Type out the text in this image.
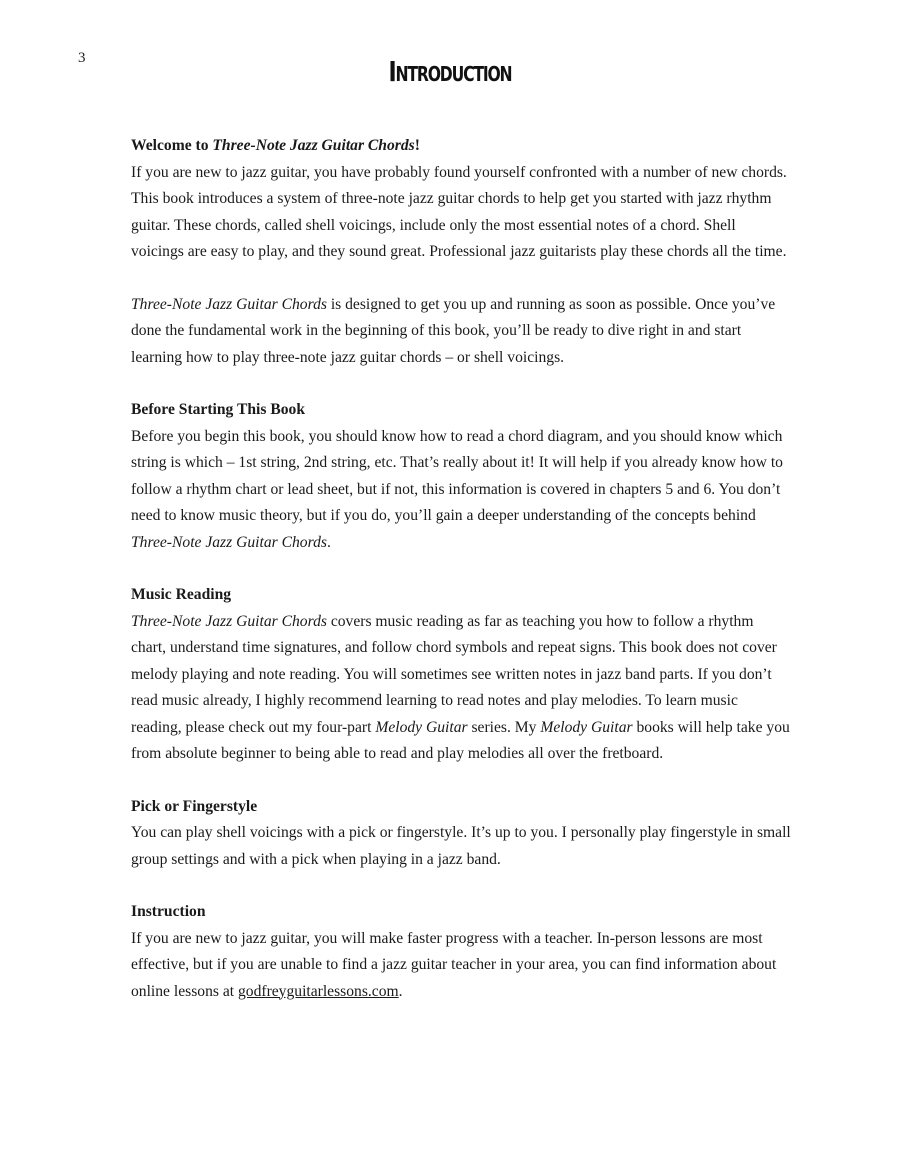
3	Introduction
Welcome to Three-Note Jazz Guitar Chords!
If you are new to jazz guitar, you have probably found yourself confronted with a number of new chords. This book introduces a system of three-note jazz guitar chords to help get you started with jazz rhythm guitar. These chords, called shell voicings, include only the most essential notes of a chord. Shell voicings are easy to play, and they sound great. Professional jazz guitarists play these chords all the time.
Three-Note Jazz Guitar Chords is designed to get you up and running as soon as possible. Once you’ve done the fundamental work in the beginning of this book, you’ll be ready to dive right in and start learning how to play three-note jazz guitar chords – or shell voicings.
Before Starting This Book
Before you begin this book, you should know how to read a chord diagram, and you should know which string is which – 1st string, 2nd string, etc. That’s really about it! It will help if you already know how to follow a rhythm chart or lead sheet, but if not, this information is covered in chapters 5 and 6. You don’t need to know music theory, but if you do, you’ll gain a deeper understanding of the concepts behind Three-Note Jazz Guitar Chords.
Music Reading
Three-Note Jazz Guitar Chords covers music reading as far as teaching you how to follow a rhythm chart, understand time signatures, and follow chord symbols and repeat signs. This book does not cover melody playing and note reading. You will sometimes see written notes in jazz band parts. If you don’t read music already, I highly recommend learning to read notes and play melodies. To learn music reading, please check out my four-part Melody Guitar series. My Melody Guitar books will help take you from absolute beginner to being able to read and play melodies all over the fretboard.
Pick or Fingerstyle
You can play shell voicings with a pick or fingerstyle. It’s up to you. I personally play fingerstyle in small group settings and with a pick when playing in a jazz band.
Instruction
If you are new to jazz guitar, you will make faster progress with a teacher. In-person lessons are most effective, but if you are unable to find a jazz guitar teacher in your area, you can find information about online lessons at godfreyguitarlessons.com.
